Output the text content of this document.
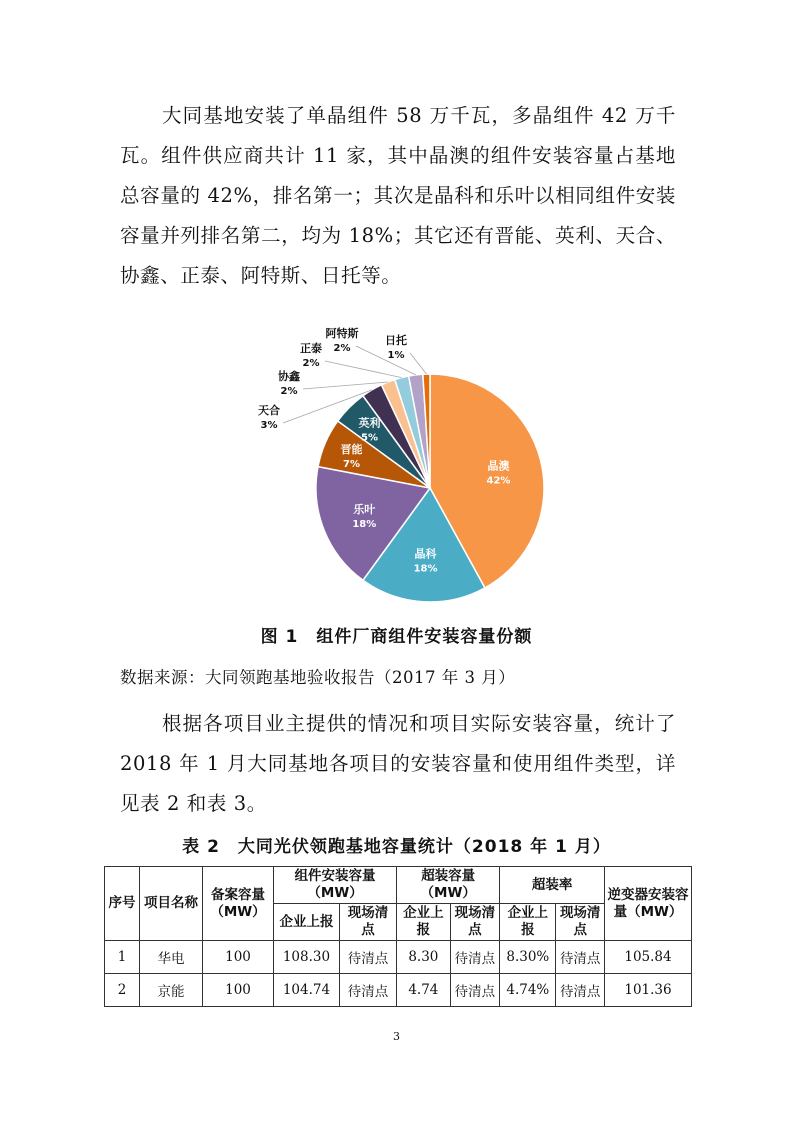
大同基地安装了单晶组件 58 万千瓦，多晶组件 42 万千瓦。组件供应商共计 11 家，其中晶澳的组件安装容量占基地总容量的 42%，排名第一；其次是晶科和乐叶以相同组件安装容量并列排名第二，均为 18%；其它还有晋能、英利、天合、协鑫、正泰、阿特斯、日托等。

晶澳
42%
晶科
18%
乐叶
18%
晋能
7%
英利
5%
天合
3%
协鑫
2%
正泰
2%
阿特斯
2%
日托
1%
图 1　组件厂商组件安装容量份额
数据来源：大同领跑基地验收报告（2017 年 3 月）

根据各项目业主提供的情况和项目实际安装容量，统计了 2018 年 1 月大同基地各项目的安装容量和使用组件类型，详见表 2 和表 3。

表 2　大同光伏领跑基地容量统计（2018 年 1 月）
序号	项目名称	备案容量（MW）	组件安装容量（MW）		超装容量（MW）		超装率		逆变器安装容量（MW）
			企业上报	现场清点	企业上报	现场清点	企业上报	现场清点	
1	华电	100	108.30	待清点	8.30	待清点	8.30%	待清点	105.84
2	京能	100	104.74	待清点	4.74	待清点	4.74%	待清点	101.36
3
